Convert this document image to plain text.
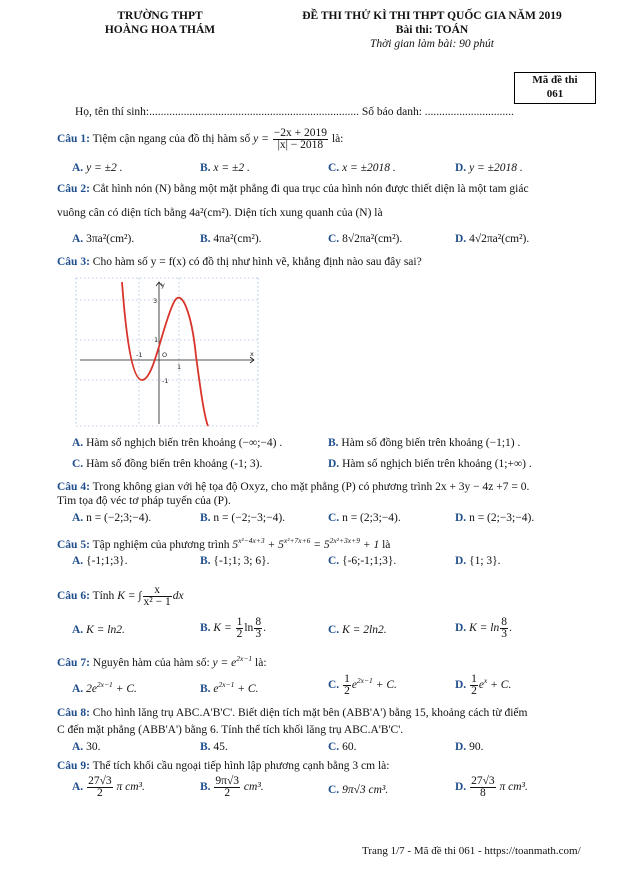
TRƯỜNG THPT
HOÀNG HOA THÁM
ĐỀ THI THỬ KÌ THI THPT QUỐC GIA NĂM 2019
Bài thi: TOÁN
Thời gian làm bài: 90 phút
Mã đề thi
061
Họ, tên thí sinh:......................................................................... Số báo danh: ...............................
Câu 1: Tiệm cận ngang của đồ thị hàm số $y = \frac{-2x + 2019}{|x| - 2018}$ là:
A. y = ±2 .	B. x = ±2 .	C. x = ±2018 .	D. y = ±2018 .
Câu 2: Cắt hình nón (N) bằng một mặt phẳng đi qua trục của hình nón được thiết diện là một tam giác
vuông cân có diện tích bằng 4a²(cm²). Diện tích xung quanh của (N) là
A. 3πa²(cm²).	B. 4πa²(cm²).	C. 8√2πa²(cm²).	D. 4√2πa²(cm²).
Câu 3: Cho hàm số y = f(x) có đồ thị như hình vẽ, khẳng định nào sau đây sai?
y
x
3
1
-1
-1	O
1
A. Hàm số nghịch biến trên khoảng (−∞;−4) .	B. Hàm số đồng biến trên khoảng (−1;1) .
C. Hàm số đồng biến trên khoảng (-1; 3).	D. Hàm số nghịch biến trên khoảng (1;+∞) .
Câu 4: Trong không gian với hệ tọa độ Oxyz, cho mặt phẳng (P) có phương trình 2x + 3y − 4z +7 = 0.
Tìm tọa độ véc tơ pháp tuyến của (P).
A. n = (−2;3;−4).	B. n = (−2;−3;−4).	C. n = (2;3;−4).	D. n = (2;−3;−4).
Câu 5: Tập nghiệm của phương trình $5^{x^2-4x+3} + 5^{x^2+7x+6} = 5^{2x^2+3x+9} + 1$ là
A. {-1;1;3}.	B. {-1;1; 3; 6}.	C. {-6;-1;1;3}.	D. {1; 3}.
Câu 6: Tính K = ∫ $\frac{x}{\text{x² − 1}}$ dx
A. K = ln2.	B. $K = \frac{1}{2}$ $\ln \frac{8}{3}$ .	C. K = 2ln2.	D. $K = \ln \frac{8}{3}$ .
Câu 7: Nguyên hàm của hàm số: $y = e^{2x-1}$ là:
A. $2e^{2x-1} + C$.	B. $e^{2x-1} + C$.	C. $\frac{1}{2} e^{2x-1} + C$.	D. $\frac{1}{2} e^x + C$.
Câu 8: Cho hình lăng trụ ABC.A'B'C'. Biết diện tích mặt bên (ABB'A') bằng 15, khoảng cách từ điểm
C đến mặt phẳng (ABB'A') bằng 6. Tính thể tích khối lăng trụ ABC.A'B'C'.
A. 30.	B. 45.	C. 60.	D. 90.
Câu 9: Thể tích khối cầu ngoại tiếp hình lập phương cạnh bằng 3 cm là:
A. $\frac{27√3}{2}$ π cm³.	B. $\frac{9\pi√3}{2} cm^3$.	C. 9π√3 cm³.	D. $\frac{27√3}{8}$ π cm³.
Trang 1/7 - Mã đề thi 061 - https://toanmath.com/
